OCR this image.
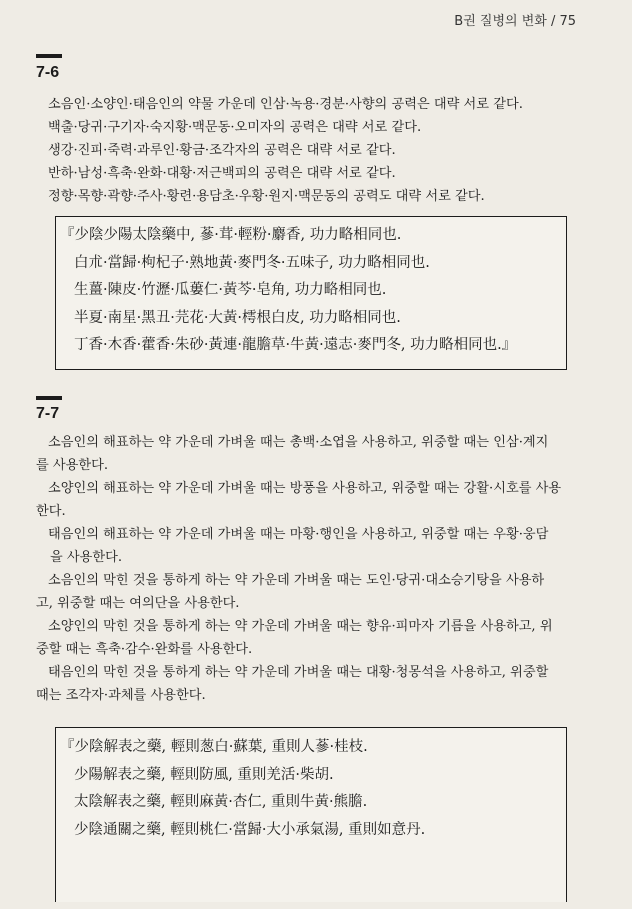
B권 질병의 변화 / 75
7-6

소음인·소양인·태음인의 약물 가운데 인삼·녹용·경분·사향의 공력은 대략 서로 같다.

백출·당귀·구기자·숙지황·맥문동·오미자의 공력은 대략 서로 같다.

생강·진피·죽력·과루인·황금·조각자의 공력은 대략 서로 같다.

반하·남성·흑축·완화·대황·저근백피의 공력은 대략 서로 같다.

정향·목향·곽향·주사·황련·용담초·우황·원지·맥문동의 공력도 대략 서로 같다.

『少陰少陽太陰藥中, 蔘·茸·輕粉·麝香, 功力略相同也.

白朮·當歸·枸杞子·熟地黃·麥門冬·五味子, 功力略相同也.

生薑·陳皮·竹瀝·瓜蔞仁·黃芩·皂角, 功力略相同也.

半夏·南星·黑丑·芫花·大黃·樗根白皮, 功力略相同也.

丁香·木香·藿香·朱砂·黃連·龍膽草·牛黃·遠志·麥門冬, 功力略相同也.』

7-7

소음인의 해표하는 약 가운데 가벼울 때는 총백·소엽을 사용하고, 위중할 때는 인삼·계지

를 사용한다.

소양인의 해표하는 약 가운데 가벼울 때는 방풍을 사용하고, 위중할 때는 강활·시호를 사용

한다.

태음인의 해표하는 약 가운데 가벼울 때는 마황·행인을 사용하고, 위중할 때는 우황·웅담

을 사용한다.

소음인의 막힌 것을 통하게 하는 약 가운데 가벼울 때는 도인·당귀·대소승기탕을 사용하

고, 위중할 때는 여의단을 사용한다.

소양인의 막힌 것을 통하게 하는 약 가운데 가벼울 때는 향유·피마자 기름을 사용하고, 위

중할 때는 흑축·감수·완화를 사용한다.

태음인의 막힌 것을 통하게 하는 약 가운데 가벼울 때는 대황·청몽석을 사용하고, 위중할

때는 조각자·과체를 사용한다.

『少陰解表之藥, 輕則葱白·蘇葉, 重則人蔘·桂枝.

少陽解表之藥, 輕則防風, 重則羌活·柴胡.

太陰解表之藥, 輕則麻黃·杏仁, 重則牛黃·熊膽.

少陰通關之藥, 輕則桃仁·當歸·大小承氣湯, 重則如意丹.
